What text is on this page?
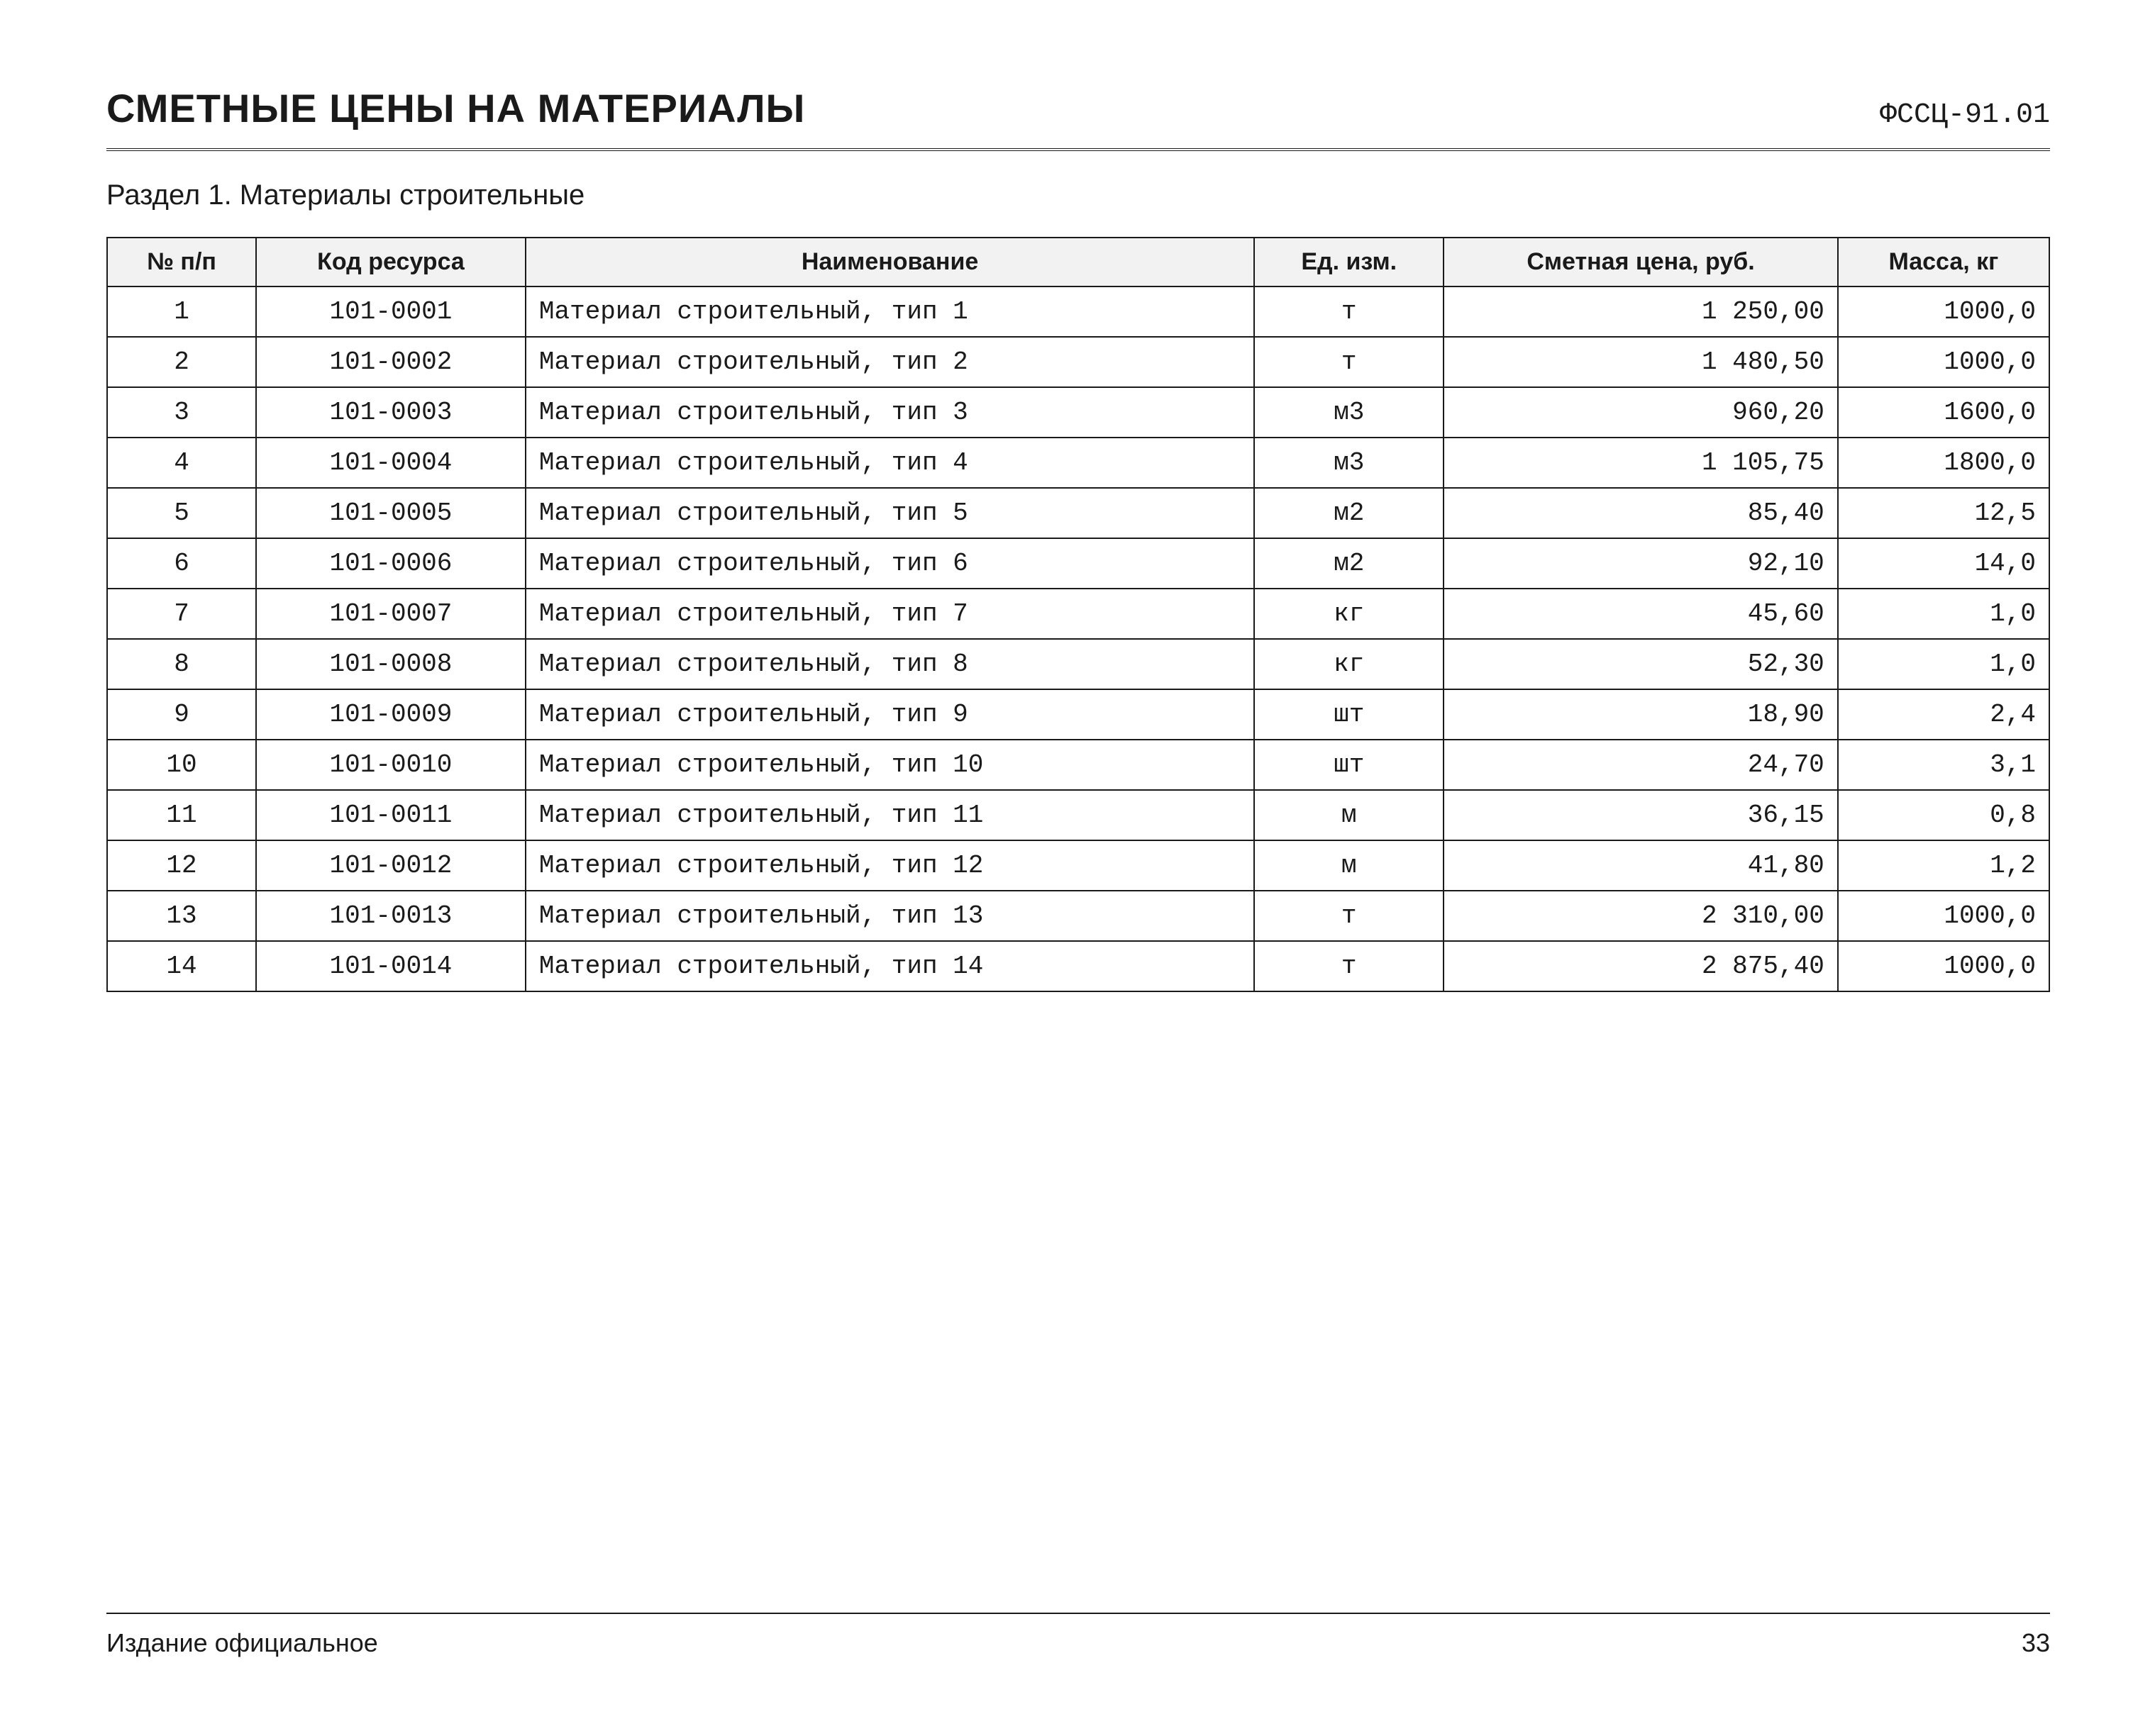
СМЕТНЫЕ ЦЕНЫ НА МАТЕРИАЛЫ	ФССЦ-91.01
Раздел 1. Материалы строительные
№ п/п	Код ресурса	Наименование	Ед. изм.	Сметная цена, руб.	Масса, кг
1	101-0001	Материал строительный, тип 1	т	1 250,00	1000,0
2	101-0002	Материал строительный, тип 2	т	1 480,50	1000,0
3	101-0003	Материал строительный, тип 3	м3	960,20	1600,0
4	101-0004	Материал строительный, тип 4	м3	1 105,75	1800,0
5	101-0005	Материал строительный, тип 5	м2	85,40	12,5
6	101-0006	Материал строительный, тип 6	м2	92,10	14,0
7	101-0007	Материал строительный, тип 7	кг	45,60	1,0
8	101-0008	Материал строительный, тип 8	кг	52,30	1,0
9	101-0009	Материал строительный, тип 9	шт	18,90	2,4
10	101-0010	Материал строительный, тип 10	шт	24,70	3,1
11	101-0011	Материал строительный, тип 11	м	36,15	0,8
12	101-0012	Материал строительный, тип 12	м	41,80	1,2
13	101-0013	Материал строительный, тип 13	т	2 310,00	1000,0
14	101-0014	Материал строительный, тип 14	т	2 875,40	1000,0
Издание официальное	33
